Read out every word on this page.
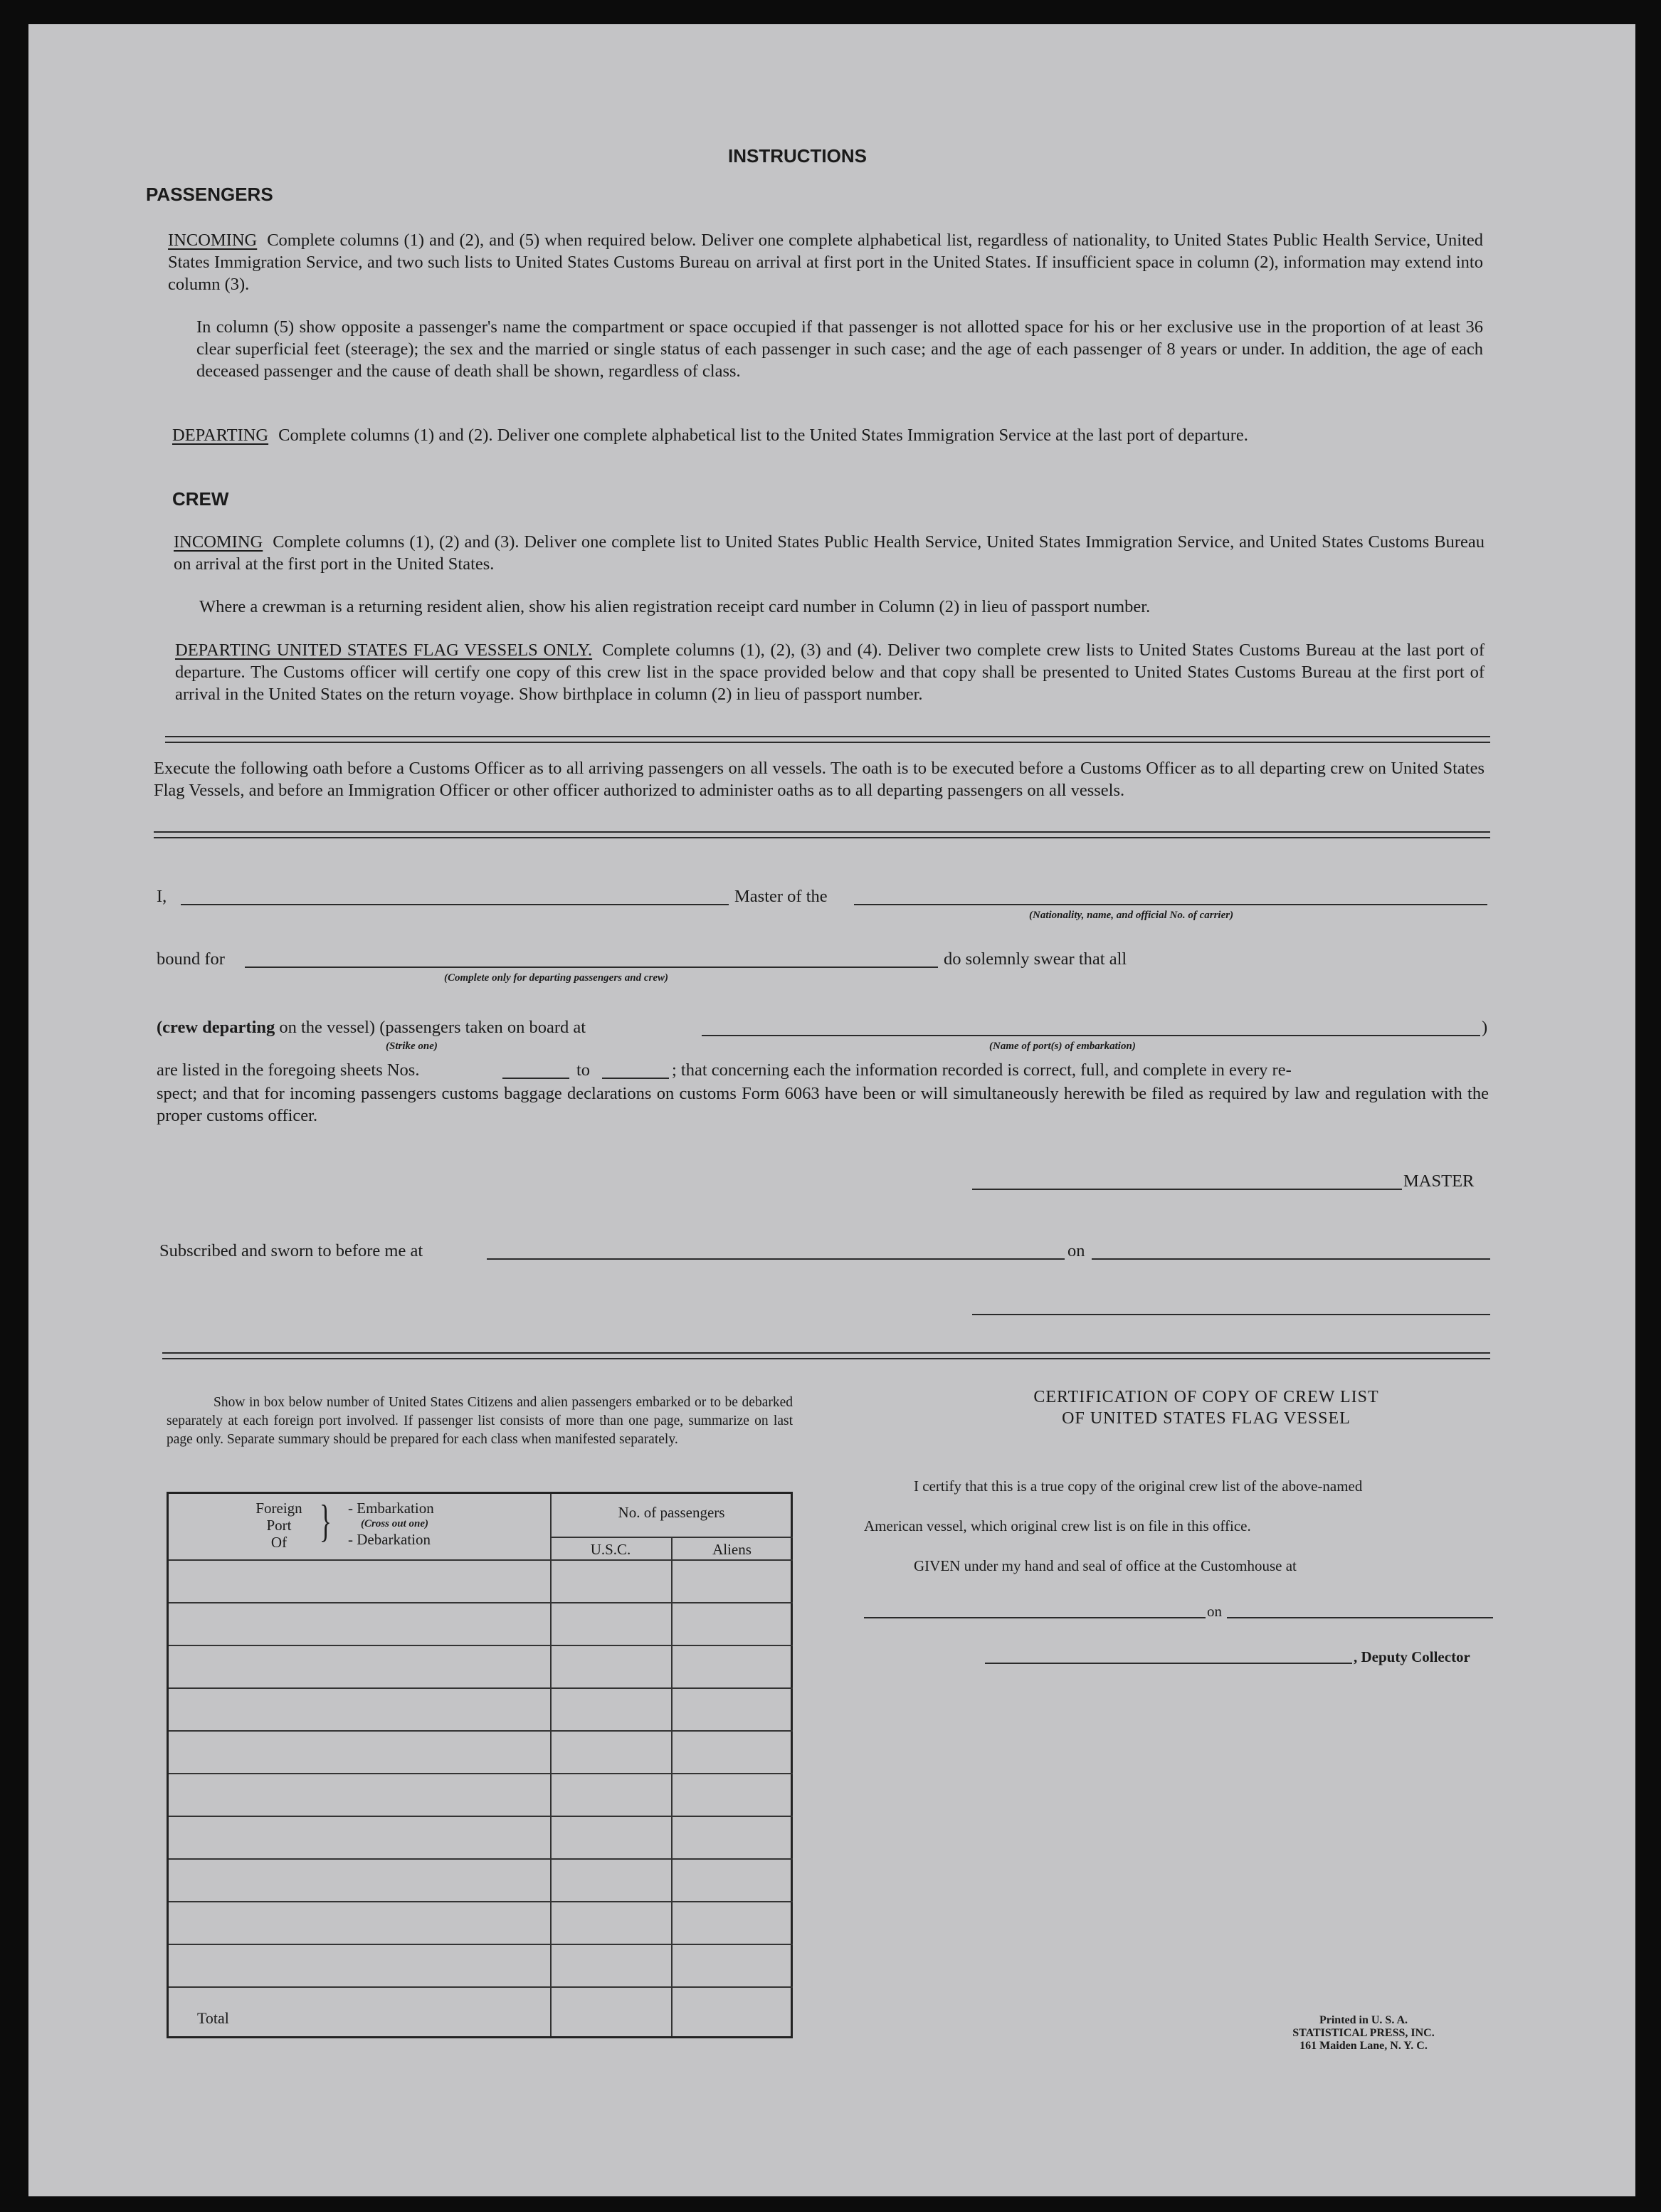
INSTRUCTIONS
PASSENGERS
INCOMING Complete columns (1) and (2), and (5) when required below. Deliver one complete alphabetical list, regardless of nationality, to United States Public Health Service, United States Immigration Service, and two such lists to United States Customs Bureau on arrival at first port in the United States. If insufficient space in column (2), information may extend into column (3).
In column (5) show opposite a passenger's name the compartment or space occupied if that passenger is not allotted space for his or her exclusive use in the proportion of at least 36 clear superficial feet (steerage); the sex and the married or single status of each passenger in such case; and the age of each passenger of 8 years or under. In addition, the age of each deceased passenger and the cause of death shall be shown, regardless of class.
DEPARTING Complete columns (1) and (2). Deliver one complete alphabetical list to the United States Immigration Service at the last port of departure.
CREW
INCOMING Complete columns (1), (2) and (3). Deliver one complete list to United States Public Health Service, United States Immigration Service, and United States Customs Bureau on arrival at the first port in the United States.
Where a crewman is a returning resident alien, show his alien registration receipt card number in Column (2) in lieu of passport number.
DEPARTING UNITED STATES FLAG VESSELS ONLY. Complete columns (1), (2), (3) and (4). Deliver two complete crew lists to United States Customs Bureau at the last port of departure. The Customs officer will certify one copy of this crew list in the space provided below and that copy shall be presented to United States Customs Bureau at the first port of arrival in the United States on the return voyage. Show birthplace in column (2) in lieu of passport number.
Execute the following oath before a Customs Officer as to all arriving passengers on all vessels. The oath is to be executed before a Customs Officer as to all departing crew on United States Flag Vessels, and before an Immigration Officer or other officer authorized to administer oaths as to all departing passengers on all vessels.
I,	Master of the
(Nationality, name, and official No. of carrier)
bound for
(Complete only for departing passengers and crew)
do solemnly swear that all
(crew departing on the vessel) (passengers taken on board at	)
(Strike one)	(Name of port(s) of embarkation)
are listed in the foregoing sheets Nos.	to	; that concerning each the information recorded is correct, full, and complete in every re-
spect; and that for incoming passengers customs baggage declarations on customs Form 6063 have been or will simultaneously herewith be filed as required by law and regulation with the proper customs officer.
MASTER
Subscribed and sworn to before me at	on
Show in box below number of United States Citizens and alien passengers embarked or to be debarked separately at each foreign port involved. If passenger list consists of more than one page, summarize on last page only. Separate summary should be prepared for each class when manifested separately.
Foreign
Port
Of } - Embarkation
(Cross out one)
- Debarkation
No. of passengers
U.S.C.	Aliens
Total
CERTIFICATION OF COPY OF CREW LIST
OF UNITED STATES FLAG VESSEL
I certify that this is a true copy of the original crew list of the above-named
American vessel, which original crew list is on file in this office.
GIVEN under my hand and seal of office at the Customhouse at
on
, Deputy Collector
Printed in U. S. A.
STATISTICAL PRESS, INC.
161 Maiden Lane, N. Y. C.
